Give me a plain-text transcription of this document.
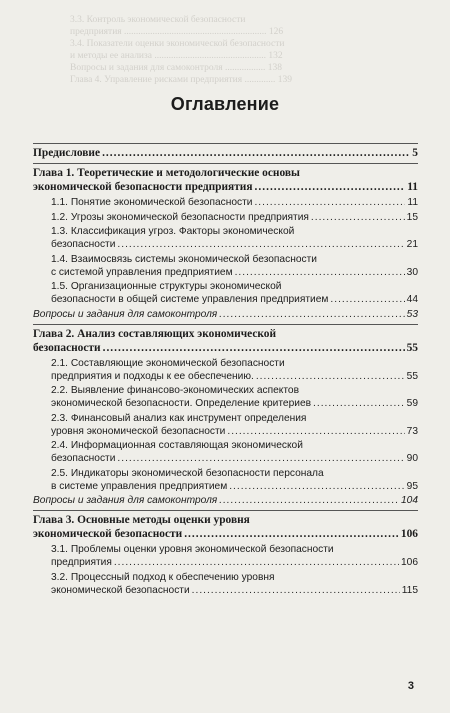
3.3. Контроль экономической безопасности
предприятия ............................................................ 126
3.4. Показатели оценки экономической безопасности
и методы ее анализа ............................................... 132
Вопросы и задания для самоконтроля ................. 138
Глава 4. Управление рисками предприятия ............. 139
Оглавление
Предисловие .....	5
Глава 1. Теоретические и методологические основы
экономической безопасности предприятия .....	11
1.1. Понятие экономической безопасности .....	11
1.2. Угрозы экономической безопасности предприятия .....	15
1.3. Классификация угроз. Факторы экономической
безопасности .....	21
1.4. Взаимосвязь системы экономической безопасности
с системой управления предприятием .....	30
1.5. Организационные структуры экономической
безопасности в общей системе управления предприятием .....	44
Вопросы и задания для самоконтроля .....	53
Глава 2. Анализ составляющих экономической
безопасности .....	55
2.1. Составляющие экономической безопасности
предприятия и подходы к ее обеспечению. .....	55
2.2. Выявление финансово-экономических аспектов
экономической безопасности. Определение критериев .....	59
2.3. Финансовый анализ как инструмент определения
уровня экономической безопасности .....	73
2.4. Информационная составляющая экономической
безопасности .....	90
2.5. Индикаторы экономической безопасности персонала
в системе управления предприятием .....	95
Вопросы и задания для самоконтроля .....	104
Глава 3. Основные методы оценки уровня
экономической безопасности .....	106
3.1. Проблемы оценки уровня экономической безопасности
предприятия .....	106
3.2. Процессный подход к обеспечению уровня
экономической безопасности .....	115
3
